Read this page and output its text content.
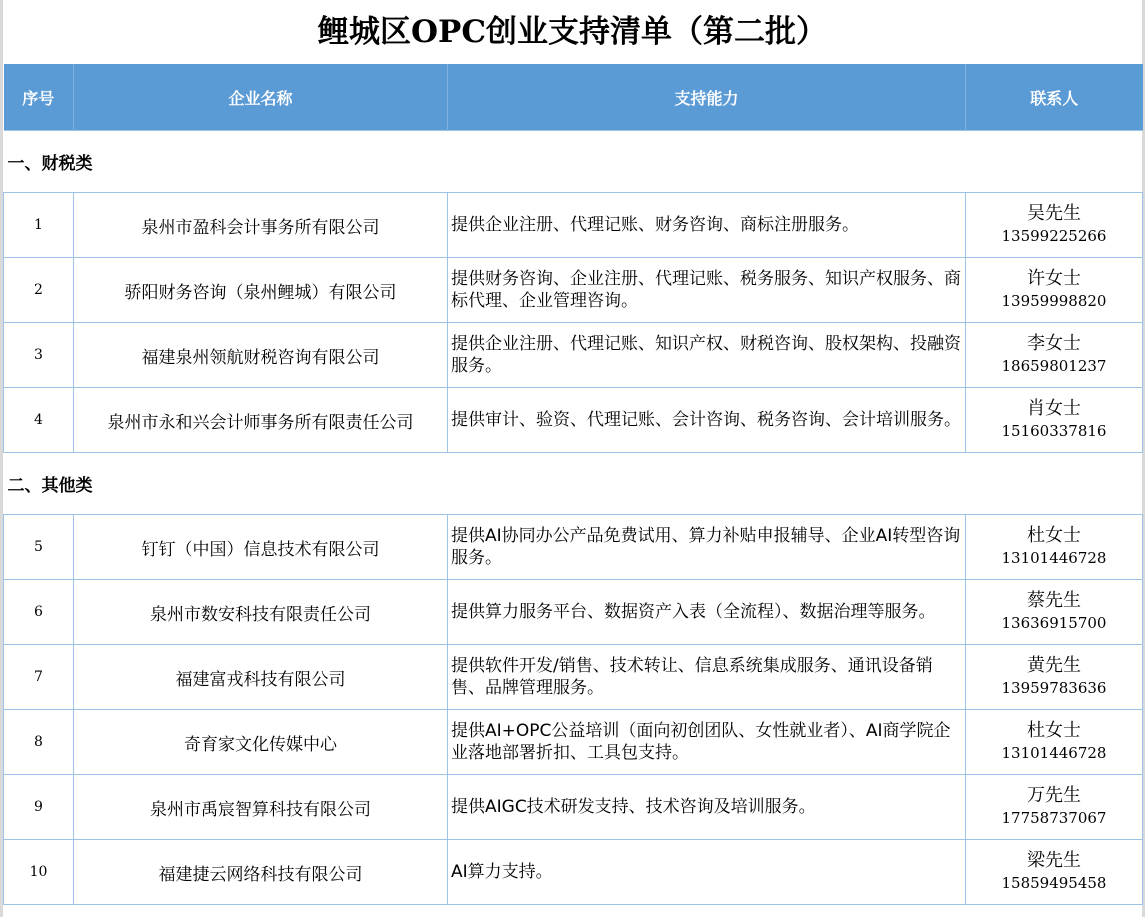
鲤城区OPC创业支持清单（第二批）
序号	企业名称	支持能力	联系人
一、财税类			
1	泉州市盈科会计事务所有限公司	提供企业注册、代理记账、财务咨询、商标注册服务。	吴先生
13599225266

2	骄阳财务咨询（泉州鲤城）有限公司	提供财务咨询、企业注册、代理记账、税务服务、知识产权服务、商标代理、企业管理咨询。	许女士
13959998820

3	福建泉州领航财税咨询有限公司	提供企业注册、代理记账、知识产权、财税咨询、股权架构、投融资服务。	李女士
18659801237

4	泉州市永和兴会计师事务所有限责任公司	提供审计、验资、代理记账、会计咨询、税务咨询、会计培训服务。	肖女士
15160337816

二、其他类			
5	钉钉（中国）信息技术有限公司	提供AI协同办公产品免费试用、算力补贴申报辅导、企业AI转型咨询服务。	杜女士
13101446728

6	泉州市数安科技有限责任公司	提供算力服务平台、数据资产入表（全流程）、数据治理等服务。	蔡先生
13636915700

7	福建富戎科技有限公司	提供软件开发/销售、技术转让、信息系统集成服务、通讯设备销售、品牌管理服务。	黄先生
13959783636

8	奇育家文化传媒中心	提供AI+OPC公益培训（面向初创团队、女性就业者）、AI商学院企业落地部署折扣、工具包支持。	杜女士
13101446728

9	泉州市禹宸智算科技有限公司	提供AIGC技术研发支持、技术咨询及培训服务。	万先生
17758737067

10	福建捷云网络科技有限公司	AI算力支持。	梁先生
15859495458
